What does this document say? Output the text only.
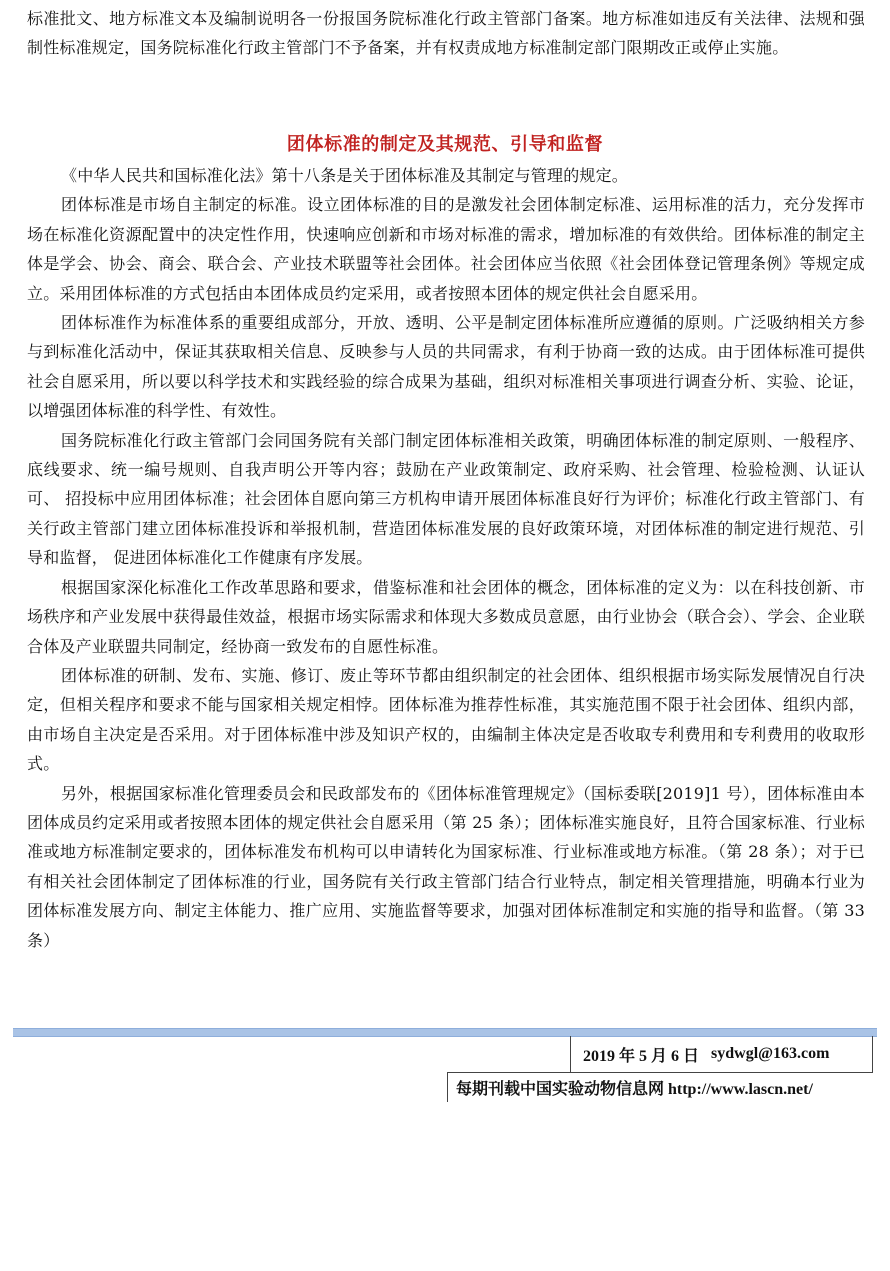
标准批文、地方标准文本及编制说明各一份报国务院标准化行政主管部门备案。地方标准如违反有关法律、法规和强制性标准规定，国务院标准化行政主管部门不予备案，并有权责成地方标准制定部门限期改正或停止实施。

团体标准的制定及其规范、引导和监督

《中华人民共和国标准化法》第十八条是关于团体标准及其制定与管理的规定。

团体标准是市场自主制定的标准。设立团体标准的目的是激发社会团体制定标准、运用标准的活力，充分发挥市场在标准化资源配置中的决定性作用，快速响应创新和市场对标准的需求，增加标准的有效供给。团体标准的制定主体是学会、协会、商会、联合会、产业技术联盟等社会团体。社会团体应当依照《社会团体登记管理条例》等规定成立。采用团体标准的方式包括由本团体成员约定采用，或者按照本团体的规定供社会自愿采用。

团体标准作为标准体系的重要组成部分，开放、透明、公平是制定团体标准所应遵循的原则。广泛吸纳相关方参与到标准化活动中，保证其获取相关信息、反映参与人员的共同需求，有利于协商一致的达成。由于团体标准可提供社会自愿采用，所以要以科学技术和实践经验的综合成果为基础，组织对标准相关事项进行调查分析、实验、论证，以增强团体标准的科学性、有效性。

国务院标准化行政主管部门会同国务院有关部门制定团体标准相关政策，明确团体标准的制定原则、一般程序、底线要求、统一编号规则、自我声明公开等内容；鼓励在产业政策制定、政府采购、社会管理、检验检测、认证认可、 招投标中应用团体标准；社会团体自愿向第三方机构申请开展团体标准良好行为评价；标准化行政主管部门、有关行政主管部门建立团体标准投诉和举报机制，营造团体标准发展的良好政策环境，对团体标准的制定进行规范、引导和监督， 促进团体标准化工作健康有序发展。

根据国家深化标准化工作改革思路和要求，借鉴标准和社会团体的概念，团体标准的定义为：以在科技创新、市场秩序和产业发展中获得最佳效益，根据市场实际需求和体现大多数成员意愿，由行业协会（联合会）、学会、企业联合体及产业联盟共同制定，经协商一致发布的自愿性标准。

团体标准的研制、发布、实施、修订、废止等环节都由组织制定的社会团体、组织根据市场实际发展情况自行决定，但相关程序和要求不能与国家相关规定相悖。团体标准为推荐性标准，其实施范围不限于社会团体、组织内部，由市场自主决定是否采用。对于团体标准中涉及知识产权的，由编制主体决定是否收取专利费用和专利费用的收取形式。

另外，根据国家标准化管理委员会和民政部发布的《团体标准管理规定》（国标委联[2019]1 号），团体标准由本团体成员约定采用或者按照本团体的规定供社会自愿采用（第 25 条）；团体标准实施良好，且符合国家标准、行业标准或地方标准制定要求的，团体标准发布机构可以申请转化为国家标准、行业标准或地方标准。（第 28 条）；对于已有相关社会团体制定了团体标准的行业，国务院有关行政主管部门结合行业特点，制定相关管理措施，明确本行业为团体标准发展方向、制定主体能力、推广应用、实施监督等要求，加强对团体标准制定和实施的指导和监督。（第 33 条）

2019 年 5 月 6 日 sydwgl@163.com
每期刊载中国实验动物信息网 http://www.lascn.net/
